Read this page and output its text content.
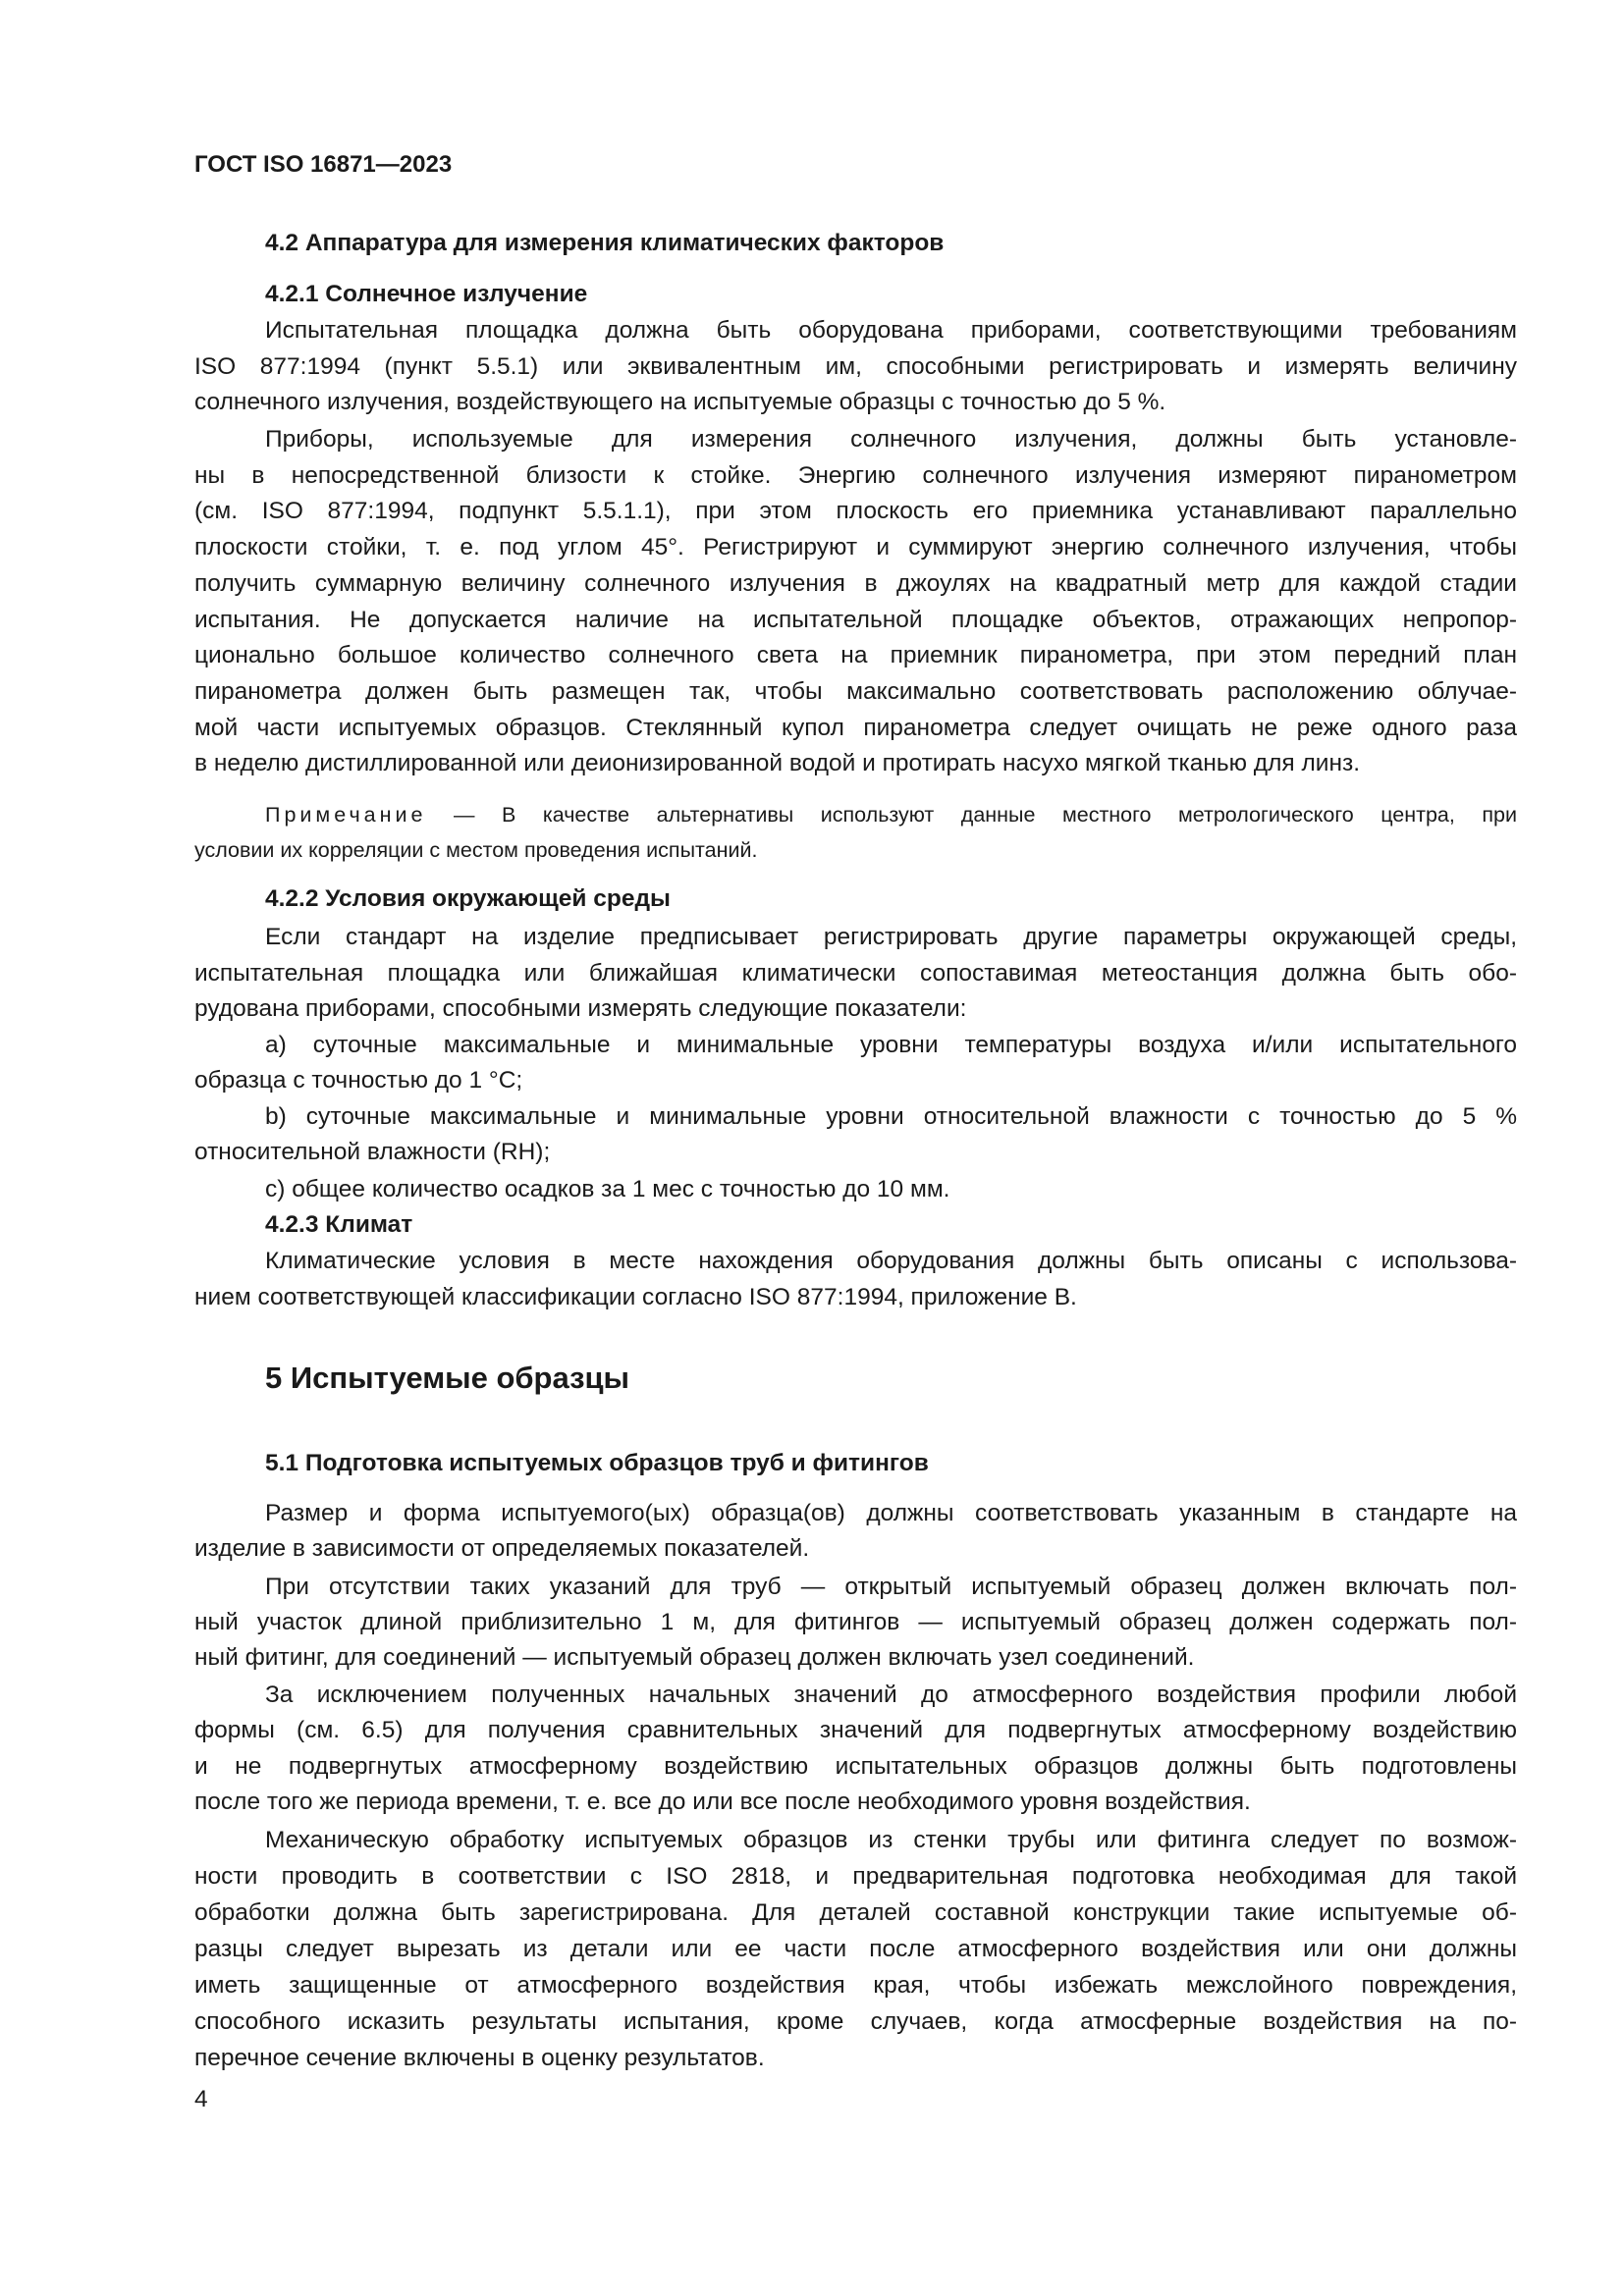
ГОСТ ISO 16871—2023
4
4.2 Аппаратура для измерения климатических факторов
4.2.1 Солнечное излучение
Испытательная площадка должна быть оборудована приборами, соответствующими требованиям
ISO 877:1994 (пункт 5.5.1) или эквивалентным им, способными регистрировать и измерять величину
солнечного излучения, воздействующего на испытуемые образцы с точностью до 5 %.
Приборы, используемые для измерения солнечного излучения, должны быть установле-
ны в непосредственной близости к стойке. Энергию солнечного излучения измеряют пиранометром
(см. ISO 877:1994, подпункт 5.5.1.1), при этом плоскость его приемника устанавливают параллельно
плоскости стойки, т. е. под углом 45°. Регистрируют и суммируют энергию солнечного излучения, чтобы
получить суммарную величину солнечного излучения в джоулях на квадратный метр для каждой стадии
испытания. Не допускается наличие на испытательной площадке объектов, отражающих непропор-
ционально большое количество солнечного света на приемник пиранометра, при этом передний план
пиранометра должен быть размещен так, чтобы максимально соответствовать расположению облучае-
мой части испытуемых образцов. Стеклянный купол пиранометра следует очищать не реже одного раза
в неделю дистиллированной или деионизированной водой и протирать насухо мягкой тканью для линз.
Примечание — В качестве альтернативы используют данные местного метрологического центра, при
условии их корреляции с местом проведения испытаний.
4.2.2 Условия окружающей среды
Если стандарт на изделие предписывает регистрировать другие параметры окружающей среды,
испытательная площадка или ближайшая климатически сопоставимая метеостанция должна быть обо-
рудована приборами, способными измерять следующие показатели:
a) суточные максимальные и минимальные уровни температуры воздуха и/или испытательного
образца с точностью до 1 °C;
b) суточные максимальные и минимальные уровни относительной влажности с точностью до 5 %
относительной влажности (RH);
c) общее количество осадков за 1 мес с точностью до 10 мм.
4.2.3 Климат
Климатические условия в месте нахождения оборудования должны быть описаны с использова-
нием соответствующей классификации согласно ISO 877:1994, приложение B.
5 Испытуемые образцы
5.1 Подготовка испытуемых образцов труб и фитингов
Размер и форма испытуемого(ых) образца(ов) должны соответствовать указанным в стандарте на
изделие в зависимости от определяемых показателей.
При отсутствии таких указаний для труб — открытый испытуемый образец должен включать пол-
ный участок длиной приблизительно 1 м, для фитингов — испытуемый образец должен содержать пол-
ный фитинг, для соединений — испытуемый образец должен включать узел соединений.
За исключением полученных начальных значений до атмосферного воздействия профили любой
формы (см. 6.5) для получения сравнительных значений для подвергнутых атмосферному воздействию
и не подвергнутых атмосферному воздействию испытательных образцов должны быть подготовлены
после того же периода времени, т. е. все до или все после необходимого уровня воздействия.
Механическую обработку испытуемых образцов из стенки трубы или фитинга следует по возмож-
ности проводить в соответствии с ISO 2818, и предварительная подготовка необходимая для такой
обработки должна быть зарегистрирована. Для деталей составной конструкции такие испытуемые об-
разцы следует вырезать из детали или ее части после атмосферного воздействия или они должны
иметь защищенные от атмосферного воздействия края, чтобы избежать межслойного повреждения,
способного исказить результаты испытания, кроме случаев, когда атмосферные воздействия на по-
перечное сечение включены в оценку результатов.
